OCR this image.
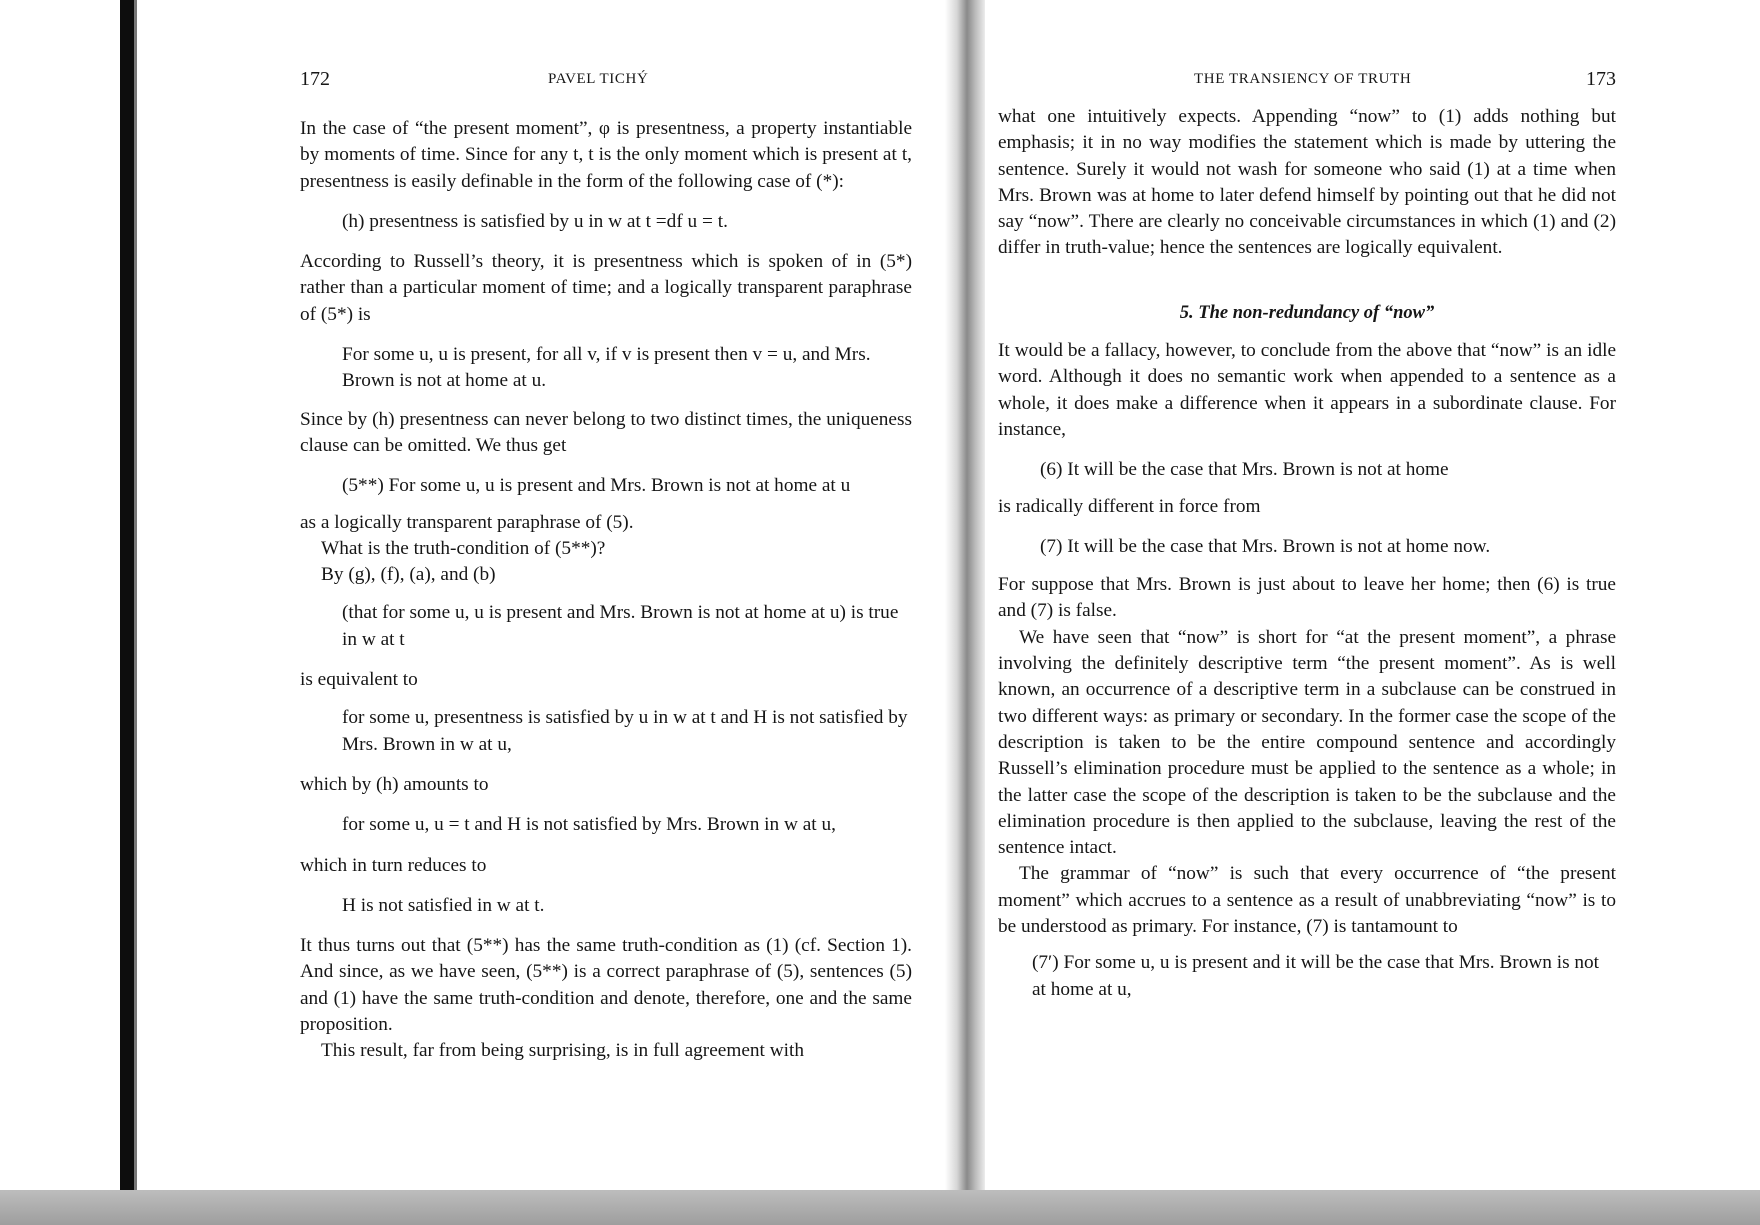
172	PAVEL TICHÝ

In the case of “the present moment”, φ is presentness, a property instantiable by moments of time. Since for any t, t is the only moment which is present at t, presentness is easily definable in the form of the following case of (*):

(h) presentness is satisfied by u in w at t =df u = t.

According to Russell’s theory, it is presentness which is spoken of in (5*) rather than a particular moment of time; and a logically transparent paraphrase of (5*) is

For some u, u is present, for all v, if v is present then v = u, and Mrs. Brown is not at home at u.

Since by (h) presentness can never belong to two distinct times, the uniqueness clause can be omitted. We thus get

(5**) For some u, u is present and Mrs. Brown is not at home at u

as a logically transparent paraphrase of (5).

What is the truth-condition of (5**)?

By (g), (f), (a), and (b)

(that for some u, u is present and Mrs. Brown is not at home at u) is true in w at t

is equivalent to

for some u, presentness is satisfied by u in w at t and H is not satisfied by Mrs. Brown in w at u,

which by (h) amounts to

for some u, u = t and H is not satisfied by Mrs. Brown in w at u,

which in turn reduces to

H is not satisfied in w at t.

It thus turns out that (5**) has the same truth-condition as (1) (cf. Section 1). And since, as we have seen, (5**) is a correct paraphrase of (5), sentences (5) and (1) have the same truth-condition and denote, therefore, one and the same proposition.

This result, far from being surprising, is in full agreement with

THE TRANSIENCY OF TRUTH	173

what one intuitively expects. Appending “now” to (1) adds nothing but emphasis; it in no way modifies the statement which is made by uttering the sentence. Surely it would not wash for someone who said (1) at a time when Mrs. Brown was at home to later defend himself by pointing out that he did not say “now”. There are clearly no conceivable circumstances in which (1) and (2) differ in truth-value; hence the sentences are logically equivalent.

5. The non-redundancy of “now”

It would be a fallacy, however, to conclude from the above that “now” is an idle word. Although it does no semantic work when appended to a sentence as a whole, it does make a difference when it appears in a subordinate clause. For instance,

(6) It will be the case that Mrs. Brown is not at home

is radically different in force from

(7) It will be the case that Mrs. Brown is not at home now.

For suppose that Mrs. Brown is just about to leave her home; then (6) is true and (7) is false.

We have seen that “now” is short for “at the present moment”, a phrase involving the definitely descriptive term “the present moment”. As is well known, an occurrence of a descriptive term in a subclause can be construed in two different ways: as primary or secondary. In the former case the scope of the description is taken to be the entire compound sentence and accordingly Russell’s elimination procedure must be applied to the sentence as a whole; in the latter case the scope of the description is taken to be the subclause and the elimination procedure is then applied to the subclause, leaving the rest of the sentence intact.

The grammar of “now” is such that every occurrence of “the present moment” which accrues to a sentence as a result of unabbreviating “now” is to be understood as primary. For instance, (7) is tantamount to

(7′) For some u, u is present and it will be the case that Mrs. Brown is not at home at u,
